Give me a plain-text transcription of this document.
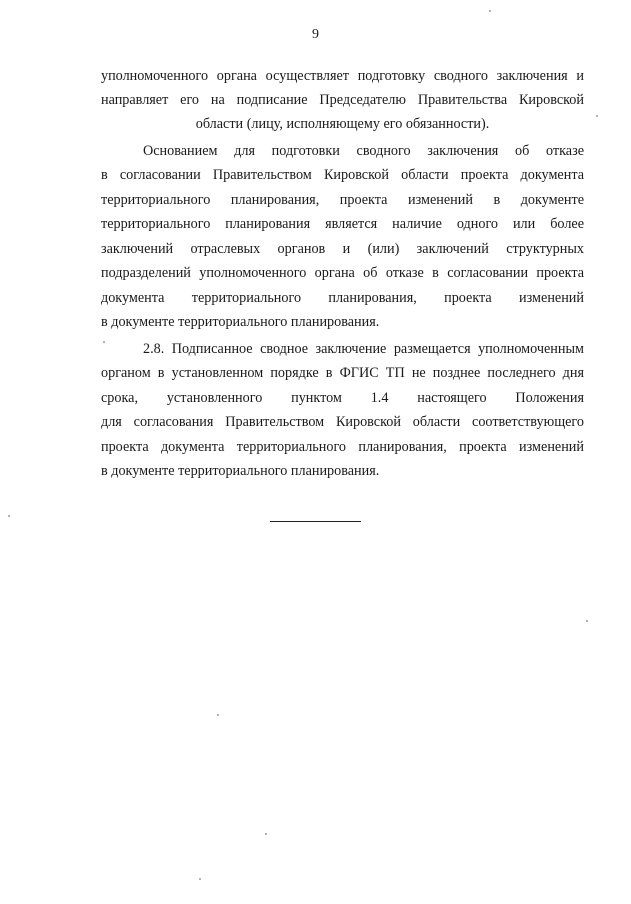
9
уполномоченного органа осуществляет подготовку сводного заключения и
направляет его на подписание Председателю Правительства Кировской
области (лицу, исполняющему его обязанности).
Основанием для подготовки сводного заключения об отказе
в согласовании Правительством Кировской области проекта документа
территориального планирования, проекта изменений в документе
территориального планирования является наличие одного или более
заключений отраслевых органов и (или) заключений структурных
подразделений уполномоченного органа об отказе в согласовании проекта
документа территориального планирования, проекта изменений
в документе территориального планирования.
2.8. Подписанное сводное заключение размещается уполномоченным
органом в установленном порядке в ФГИС ТП не позднее последнего дня
срока, установленного пунктом 1.4 настоящего Положения
для согласования Правительством Кировской области соответствующего
проекта документа территориального планирования, проекта изменений
в документе территориального планирования.
